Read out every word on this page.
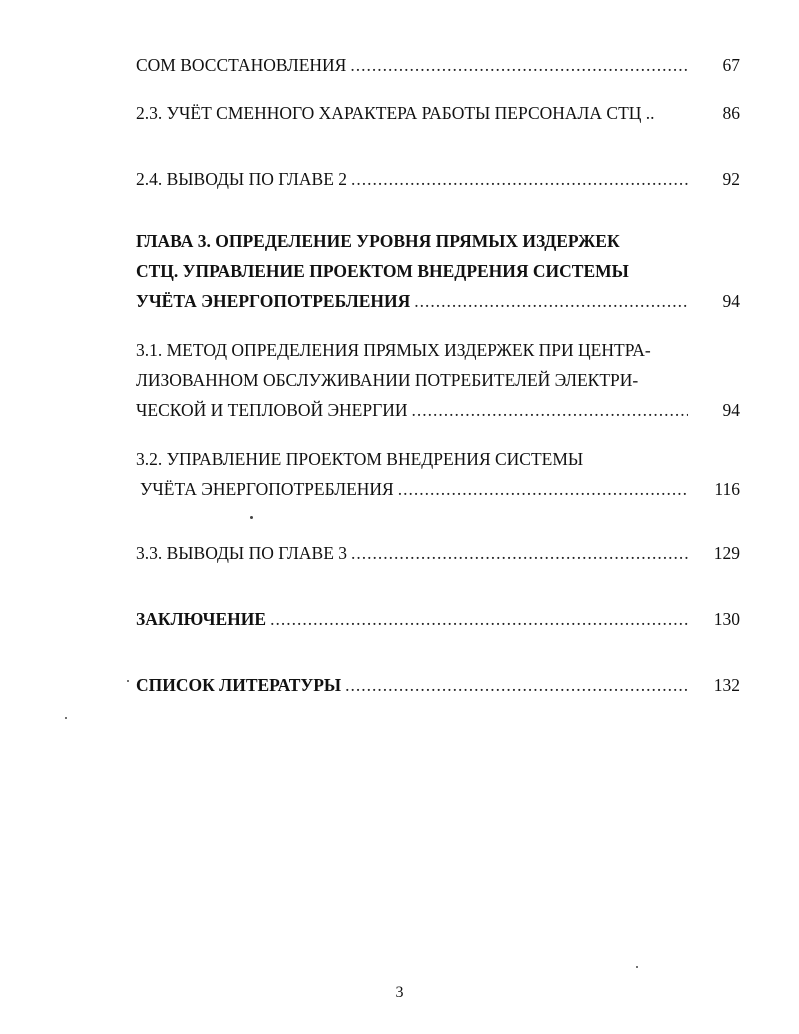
СОМ ВОССТАНОВЛЕНИЯ .....	67
2.3. УЧЁТ СМЕННОГО ХАРАКТЕРА РАБОТЫ ПЕРСОНАЛА СТЦ ..	86
2.4. ВЫВОДЫ ПО ГЛАВЕ 2 .....	92
ГЛАВА 3. ОПРЕДЕЛЕНИЕ УРОВНЯ ПРЯМЫХ ИЗДЕРЖЕК
СТЦ. УПРАВЛЕНИЕ ПРОЕКТОМ ВНЕДРЕНИЯ СИСТЕМЫ
УЧЁТА ЭНЕРГОПОТРЕБЛЕНИЯ .....	94
3.1. МЕТОД ОПРЕДЕЛЕНИЯ ПРЯМЫХ ИЗДЕРЖЕК ПРИ ЦЕНТРА-
ЛИЗОВАННОМ ОБСЛУЖИВАНИИ ПОТРЕБИТЕЛЕЙ ЭЛЕКТРИ-
ЧЕСКОЙ И ТЕПЛОВОЙ ЭНЕРГИИ .....	94
3.2. УПРАВЛЕНИЕ ПРОЕКТОМ ВНЕДРЕНИЯ СИСТЕМЫ
УЧЁТА ЭНЕРГОПОТРЕБЛЕНИЯ .....	116
3.3. ВЫВОДЫ ПО ГЛАВЕ 3 .....	129
ЗАКЛЮЧЕНИЕ .....	130
СПИСОК ЛИТЕРАТУРЫ .....	132
3
